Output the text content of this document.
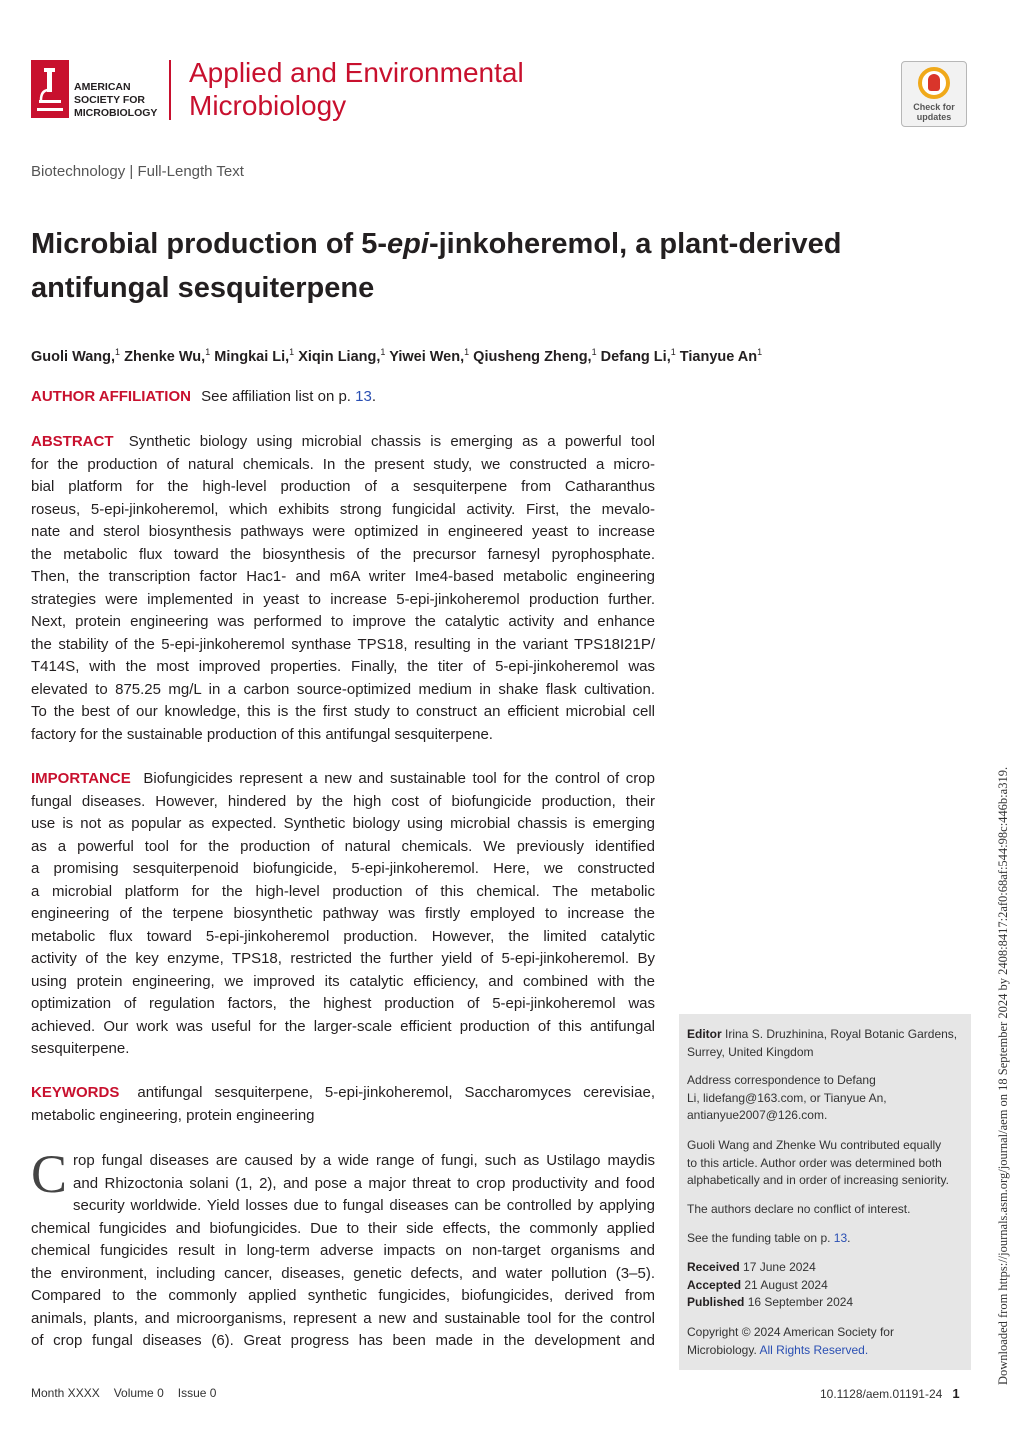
AMERICAN
SOCIETY FOR
MICROBIOLOGY
Applied and Environmental
Microbiology	Check for
updates
Biotechnology | Full-Length Text
Microbial production of 5-epi-jinkoheremol, a plant-derived
antifungal sesquiterpene
Guoli Wang,$^1$ Zhenke Wu,$^1$ Mingkai Li,$^1$ Xiqin Liang,$^1$ Yiwei Wen,$^1$ Qiusheng Zheng,$^1$ Defang Li,$^1$ Tianyue An$^1$
AUTHOR AFFILIATION See affiliation list on p. 13.
ABSTRACT Synthetic biology using microbial chassis is emerging as a powerful tool
for the production of natural chemicals. In the present study, we constructed a micro-
bial platform for the high-level production of a sesquiterpene from Catharanthus
roseus, 5-epi-jinkoheremol, which exhibits strong fungicidal activity. First, the mevalo-
nate and sterol biosynthesis pathways were optimized in engineered yeast to increase
the metabolic flux toward the biosynthesis of the precursor farnesyl pyrophosphate.
Then, the transcription factor Hac1- and m6A writer Ime4-based metabolic engineering
strategies were implemented in yeast to increase 5-epi-jinkoheremol production further.
Next, protein engineering was performed to improve the catalytic activity and enhance
the stability of the 5-epi-jinkoheremol synthase TPS18, resulting in the variant TPS18I21P/
T414S, with the most improved properties. Finally, the titer of 5-epi-jinkoheremol was
elevated to 875.25 mg/L in a carbon source-optimized medium in shake flask cultivation.
To the best of our knowledge, this is the first study to construct an efficient microbial cell
factory for the sustainable production of this antifungal sesquiterpene.
IMPORTANCE Biofungicides represent a new and sustainable tool for the control of crop
fungal diseases. However, hindered by the high cost of biofungicide production, their
use is not as popular as expected. Synthetic biology using microbial chassis is emerging
as a powerful tool for the production of natural chemicals. We previously identified
a promising sesquiterpenoid biofungicide, 5-epi-jinkoheremol. Here, we constructed
a microbial platform for the high-level production of this chemical. The metabolic
engineering of the terpene biosynthetic pathway was firstly employed to increase the
metabolic flux toward 5-epi-jinkoheremol production. However, the limited catalytic
activity of the key enzyme, TPS18, restricted the further yield of 5-epi-jinkoheremol. By
using protein engineering, we improved its catalytic efficiency, and combined with the
optimization of regulation factors, the highest production of 5-epi-jinkoheremol was
achieved. Our work was useful for the larger-scale efficient production of this antifungal
sesquiterpene.
KEYWORDS antifungal sesquiterpene, 5-epi-jinkoheremol, Saccharomyces cerevisiae,
metabolic engineering, protein engineering
C rop fungal diseases are caused by a wide range of fungi, such as Ustilago maydis
and Rhizoctonia solani (1, 2), and pose a major threat to crop productivity and food
security worldwide. Yield losses due to fungal diseases can be controlled by applying
chemical fungicides and biofungicides. Due to their side effects, the commonly applied
chemical fungicides result in long-term adverse impacts on non-target organisms and
the environment, including cancer, diseases, genetic defects, and water pollution (3–5).
Compared to the commonly applied synthetic fungicides, biofungicides, derived from
animals, plants, and microorganisms, represent a new and sustainable tool for the control
of crop fungal diseases (6). Great progress has been made in the development and
Editor Irina S. Druzhinina, Royal Botanic Gardens,
Surrey, United Kingdom
Address correspondence to Defang
Li, lidefang@163.com, or Tianyue An,
antianyue2007@126.com.
Guoli Wang and Zhenke Wu contributed equally
to this article. Author order was determined both
alphabetically and in order of increasing seniority.
The authors declare no conflict of interest.
See the funding table on p. 13.
Received 17 June 2024
Accepted 21 August 2024
Published 16 September 2024
Copyright © 2024 American Society for
Microbiology. All Rights Reserved.
Month XXXX Volume 0 Issue 0	10.1128/aem.01191-24 1
Downloaded from https://journals.asm.org/journal/aem on 18 September 2024 by 2408:8417:2af0:68af:544:98c:446b:a319.
